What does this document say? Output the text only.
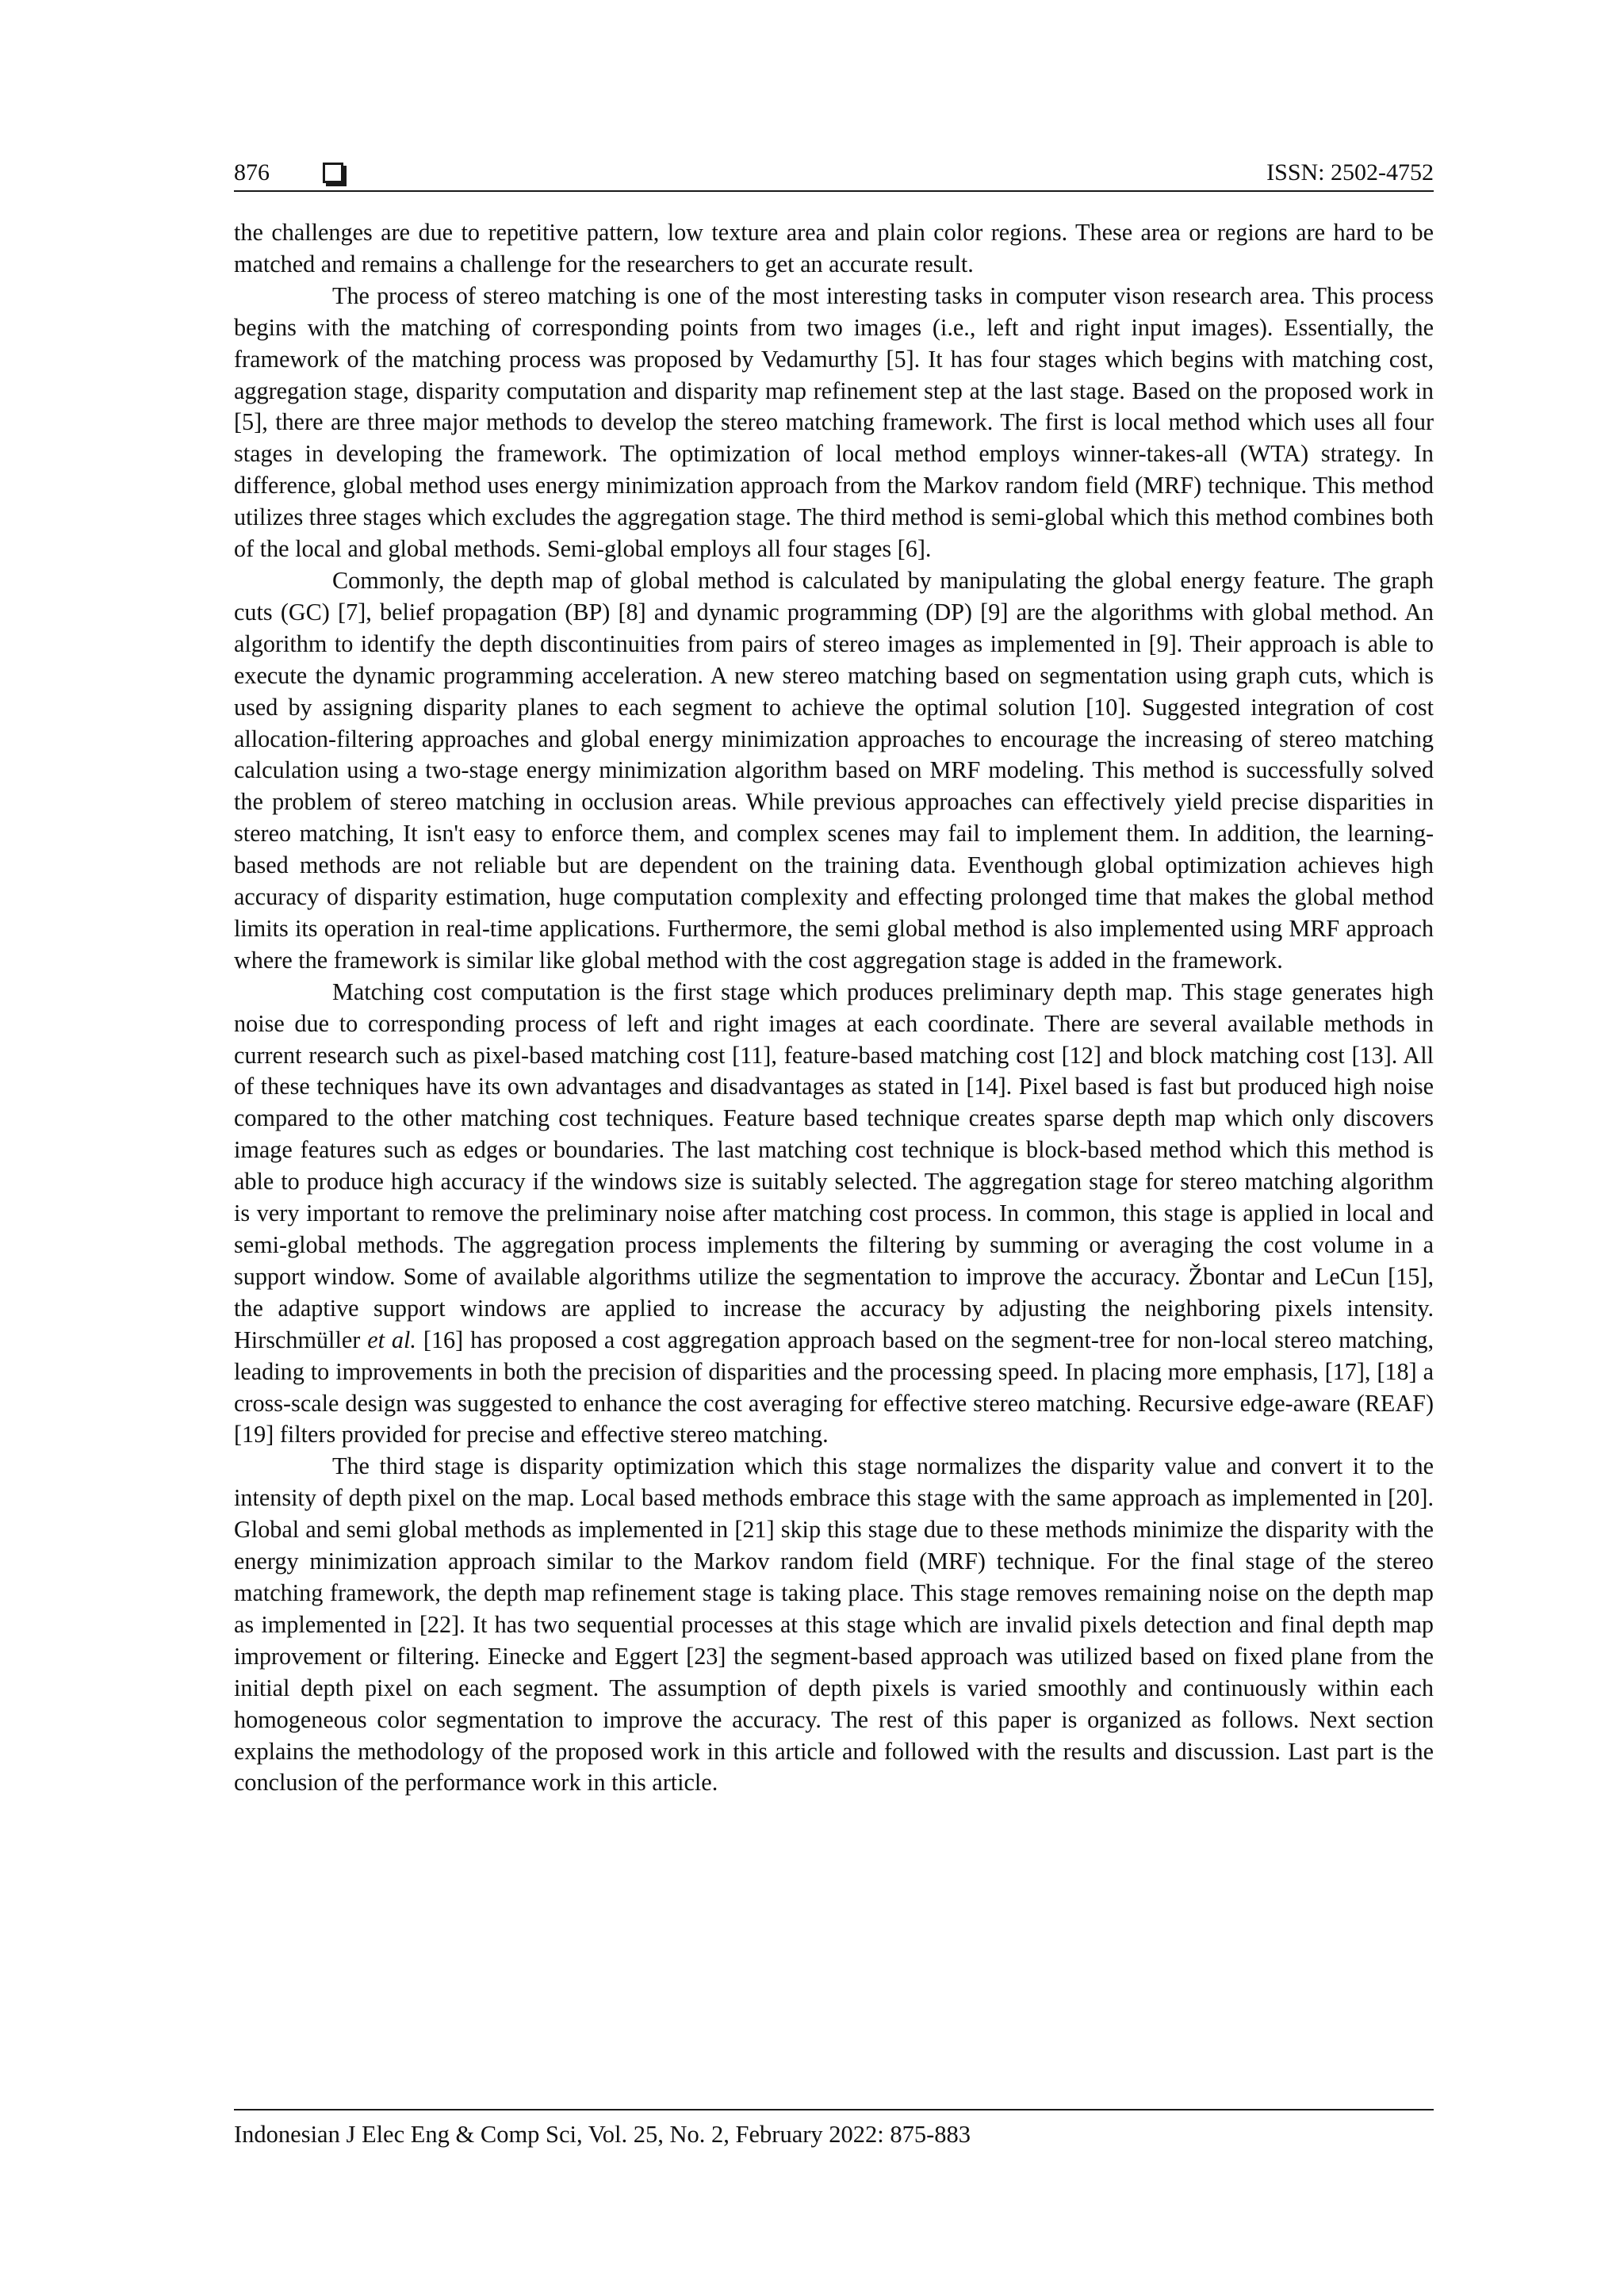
876	ISSN: 2502-4752

the challenges are due to repetitive pattern, low texture area and plain color regions. These area or regions are hard to be matched and remains a challenge for the researchers to get an accurate result.

The process of stereo matching is one of the most interesting tasks in computer vison research area. This process begins with the matching of corresponding points from two images (i.e., left and right input images). Essentially, the framework of the matching process was proposed by Vedamurthy [5]. It has four stages which begins with matching cost, aggregation stage, disparity computation and disparity map refinement step at the last stage. Based on the proposed work in [5], there are three major methods to develop the stereo matching framework. The first is local method which uses all four stages in developing the framework. The optimization of local method employs winner-takes-all (WTA) strategy. In difference, global method uses energy minimization approach from the Markov random field (MRF) technique. This method utilizes three stages which excludes the aggregation stage. The third method is semi-global which this method combines both of the local and global methods. Semi-global employs all four stages [6].

Commonly, the depth map of global method is calculated by manipulating the global energy feature. The graph cuts (GC) [7], belief propagation (BP) [8] and dynamic programming (DP) [9] are the algorithms with global method. An algorithm to identify the depth discontinuities from pairs of stereo images as implemented in [9]. Their approach is able to execute the dynamic programming acceleration. A new stereo matching based on segmentation using graph cuts, which is used by assigning disparity planes to each segment to achieve the optimal solution [10]. Suggested integration of cost allocation-filtering approaches and global energy minimization approaches to encourage the increasing of stereo matching calculation using a two-stage energy minimization algorithm based on MRF modeling. This method is successfully solved the problem of stereo matching in occlusion areas. While previous approaches can effectively yield precise disparities in stereo matching, It isn't easy to enforce them, and complex scenes may fail to implement them. In addition, the learning-based methods are not reliable but are dependent on the training data. Eventhough global optimization achieves high accuracy of disparity estimation, huge computation complexity and effecting prolonged time that makes the global method limits its operation in real-time applications. Furthermore, the semi global method is also implemented using MRF approach where the framework is similar like global method with the cost aggregation stage is added in the framework.

Matching cost computation is the first stage which produces preliminary depth map. This stage generates high noise due to corresponding process of left and right images at each coordinate. There are several available methods in current research such as pixel-based matching cost [11], feature-based matching cost [12] and block matching cost [13]. All of these techniques have its own advantages and disadvantages as stated in [14]. Pixel based is fast but produced high noise compared to the other matching cost techniques. Feature based technique creates sparse depth map which only discovers image features such as edges or boundaries. The last matching cost technique is block-based method which this method is able to produce high accuracy if the windows size is suitably selected. The aggregation stage for stereo matching algorithm is very important to remove the preliminary noise after matching cost process. In common, this stage is applied in local and semi-global methods. The aggregation process implements the filtering by summing or averaging the cost volume in a support window. Some of available algorithms utilize the segmentation to improve the accuracy. Žbontar and LeCun [15], the adaptive support windows are applied to increase the accuracy by adjusting the neighboring pixels intensity. Hirschmüller et al. [16] has proposed a cost aggregation approach based on the segment-tree for non-local stereo matching, leading to improvements in both the precision of disparities and the processing speed. In placing more emphasis, [17], [18] a cross-scale design was suggested to enhance the cost averaging for effective stereo matching. Recursive edge-aware (REAF) [19] filters provided for precise and effective stereo matching.

The third stage is disparity optimization which this stage normalizes the disparity value and convert it to the intensity of depth pixel on the map. Local based methods embrace this stage with the same approach as implemented in [20]. Global and semi global methods as implemented in [21] skip this stage due to these methods minimize the disparity with the energy minimization approach similar to the Markov random field (MRF) technique. For the final stage of the stereo matching framework, the depth map refinement stage is taking place. This stage removes remaining noise on the depth map as implemented in [22]. It has two sequential processes at this stage which are invalid pixels detection and final depth map improvement or filtering. Einecke and Eggert [23] the segment-based approach was utilized based on fixed plane from the initial depth pixel on each segment. The assumption of depth pixels is varied smoothly and continuously within each homogeneous color segmentation to improve the accuracy. The rest of this paper is organized as follows. Next section explains the methodology of the proposed work in this article and followed with the results and discussion. Last part is the conclusion of the performance work in this article.

Indonesian J Elec Eng & Comp Sci, Vol. 25, No. 2, February 2022: 875-883
